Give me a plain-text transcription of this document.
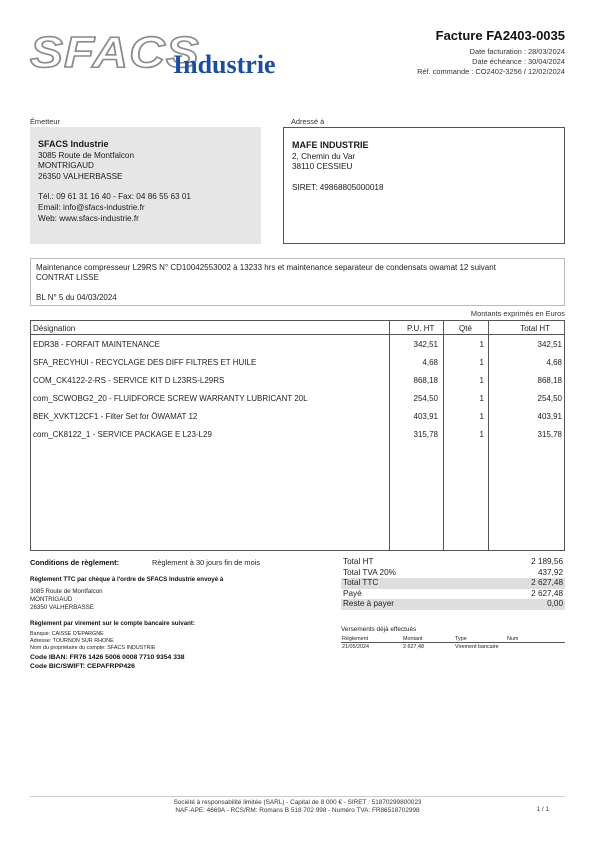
SFACS
Industrie
Facture FA2403-0035
Date facturation : 28/03/2024
Date échéance : 30/04/2024
Réf. commande : CO2402-3256 / 12/02/2024
Émetteur
SFACS Industrie
3085 Route de Montfalcon
MONTRIGAUD
26350 VALHERBASSE
Tél.: 09 61 31 16 40 - Fax: 04 86 55 63 01
Email: info@sfacs-industrie.fr
Web: www.sfacs-industrie.fr
Adressé à
MAFE INDUSTRIE
2, Chemin du Var
38110 CESSIEU
SIRET: 49868805000018
Maintenance compresseur L29RS N° CD10042553002 à 13233 hrs et maintenance separateur de condensats owamat 12 suivant
CONTRAT LISSE
BL N° 5 du 04/03/2024
Montants exprimés en Euros
Désignation	P.U. HT	Qté	Total HT
EDR38 - FORFAIT MAINTENANCE	342,51	1	342,51
SFA_RECYHUI - RECYCLAGE DES DIFF FILTRES ET HUILE	4,68	1	4,68
COM_CK4122-2-RS - SERVICE KIT D L23RS-L29RS	868,18	1	868,18
com_SCWOBG2_20 - FLUIDFORCE SCREW WARRANTY LUBRICANT 20L	254,50	1	254,50
BEK_XVKT12CF1 - Filter Set for ÖWAMAT 12	403,91	1	403,91
com_CK8122_1 - SERVICE PACKAGE E L23-L29	315,78	1	315,78
Conditions de règlement:	Règlement à 30 jours fin de mois
Règlement TTC par chèque à l'ordre de SFACS Industrie envoyé à
3085 Route de Montfalcon
MONTRIGAUD
26350 VALHERBASSE
Règlement par virement sur le compte bancaire suivant:
Banque: CAISSE D'EPARGNE
Adresse: TOURNON SUR RHONE
Nom du propriétaire du compte: SFACS INDUSTRIE
Code IBAN: FR76 1426 5006 0008 7710 9354 338
Code BIC/SWIFT: CEPAFRPP426
Total HT	2 189,56
Total TVA 20%	437,92
Total TTC	2 627,48
Payé	2 627,48
Reste à payer	0,00
Versements déjà effectués
Règlement	Montant	Type	Num
21/05/2024	2 627,48	Virement bancaire
Société à responsabilité limitée (SARL) - Capital de 8 000 € - SIRET : 51870299800023
NAF-APE: 4669A - RCS/RM: Romans B 518 702 998 - Numéro TVA: FR86518702998	1 / 1
